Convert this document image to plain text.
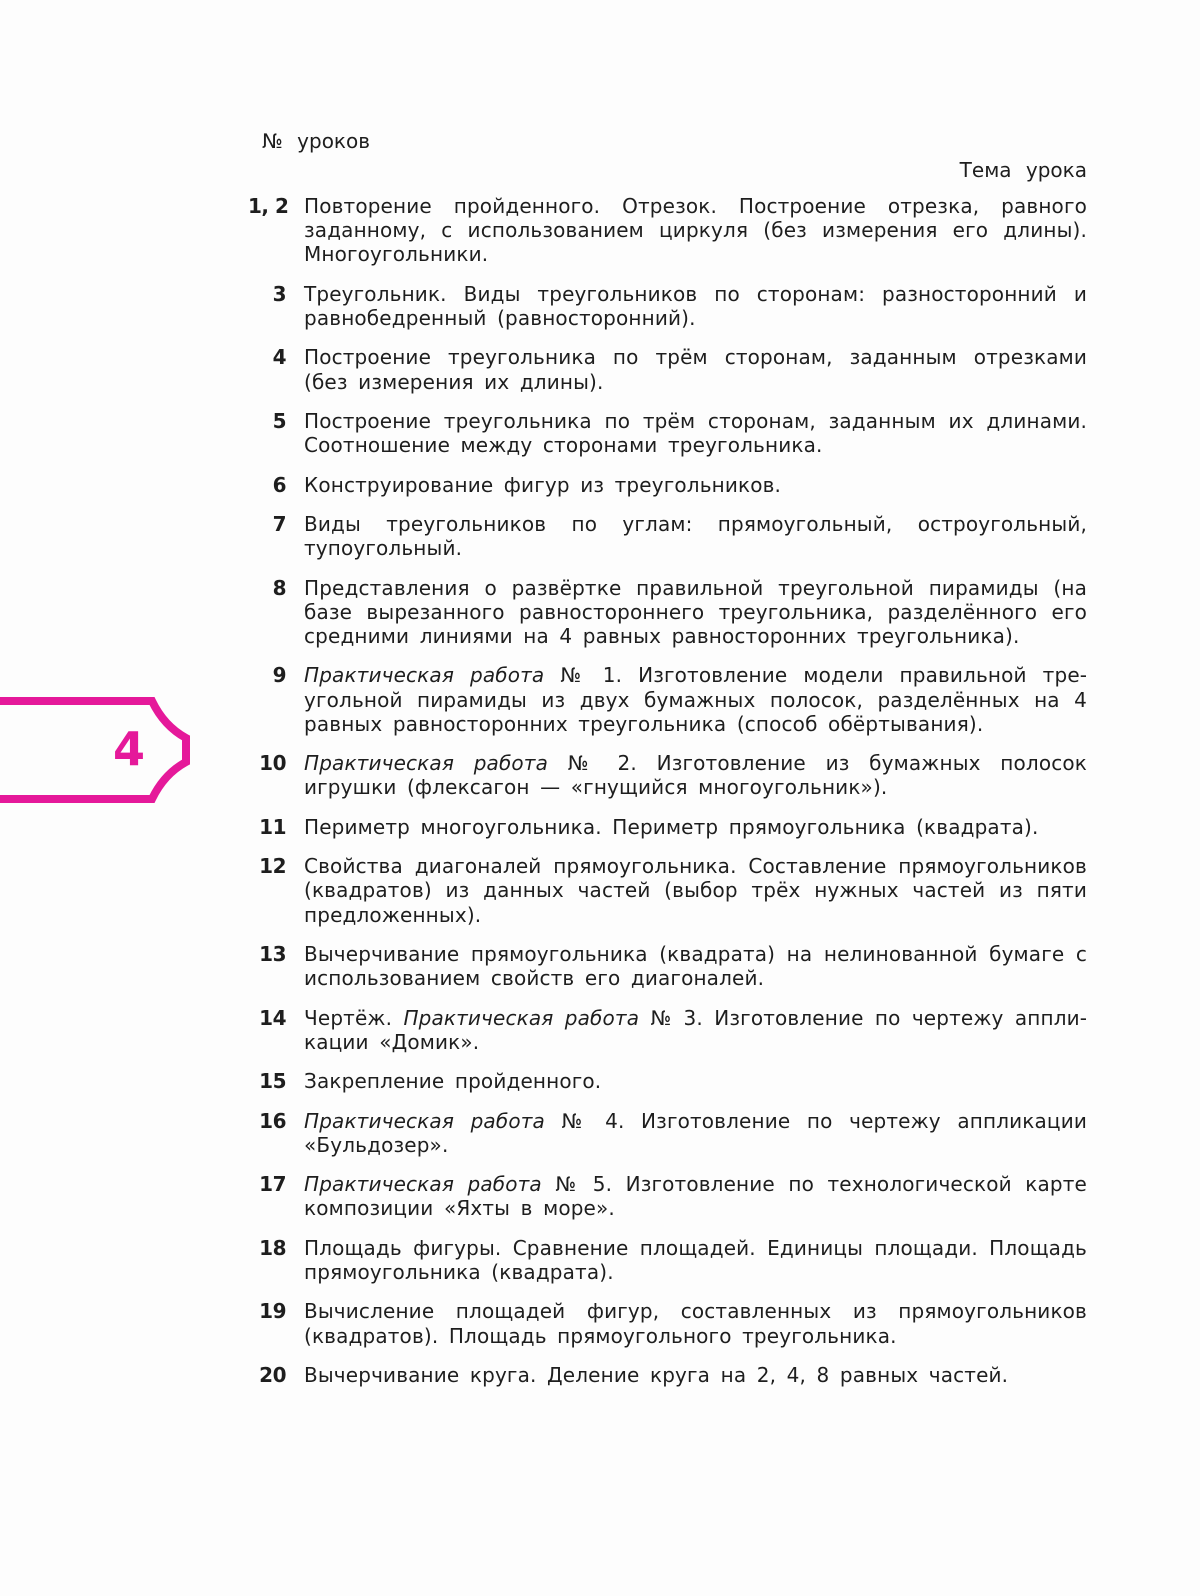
№ уроков
Тема урока
4
1, 2 Повторение пройденного. Отрезок. Построение отрезка, равного заданному, с использованием циркуля (без измерения его длины). Многоугольники.
3 Треугольник. Виды треугольников по сторонам: разносторонний и равнобедренный (равносторонний).
4 Построение треугольника по трём сторонам, заданным отрезками (без измерения их длины).
5 Построение треугольника по трём сторонам, заданным их длинами. Соотношение между сторонами треугольника.
6 Конструирование фигур из треугольников.
7 Виды треугольников по углам: прямоугольный, остроугольный, тупоугольный.
8 Представления о развёртке правильной треугольной пирамиды (на базе вырезанного равностороннего треугольника, разделённого его средними линиями на 4 равных равносторонних треугольника).
9 Практическая работа № 1. Изготовление модели правильной треугольной пирамиды из двух бумажных полосок, разделённых на 4 равных равносторонних треугольника (способ обёртывания).
10 Практическая работа № 2. Изготовление из бумажных полосок игрушки (флексагон — «гнущийся многоугольник»).
11 Периметр многоугольника. Периметр прямоугольника (квадрата).
12 Свойства диагоналей прямоугольника. Составление прямоугольников (квадратов) из данных частей (выбор трёх нужных частей из пяти предложенных).
13 Вычерчивание прямоугольника (квадрата) на нелинованной бумаге с использованием свойств его диагоналей.
14 Чертёж. Практическая работа № 3. Изготовление по чертежу аппликации «Домик».
15 Закрепление пройденного.
16 Практическая работа № 4. Изготовление по чертежу аппликации «Бульдозер».
17 Практическая работа № 5. Изготовление по технологической карте композиции «Яхты в море».
18 Площадь фигуры. Сравнение площадей. Единицы площади. Площадь прямоугольника (квадрата).
19 Вычисление площадей фигур, составленных из прямоугольников (квадратов). Площадь прямоугольного треугольника.
20 Вычерчивание круга. Деление круга на 2, 4, 8 равных частей.
